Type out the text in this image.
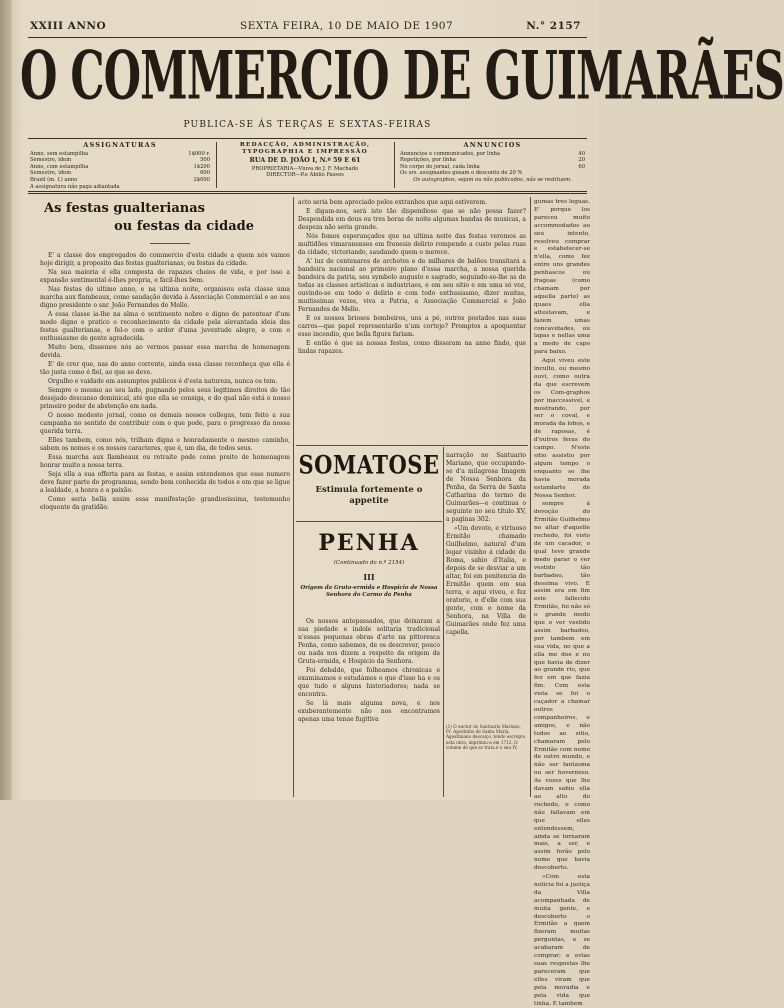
XXIII ANNO	SEXTA FEIRA, 10 DE MAIO DE 1907	N.° 2157
O COMMERCIO DE GUIMARÃES
PUBLICA-SE ÁS TERÇAS E SEXTAS-FEIRAS
ASSIGNATURAS
Anno, sem estampilha	1$000 r.
Semestre, idem	500
Anno, com estampilha	1$200
Semestre, idem	600
Brazil (m. f.) anno	2$000
A assignatura não paga adiantada
REDACÇÃO, ADMINISTRAÇÃO, TYPOGRAPHIA E IMPRESSÃO
RUA DE D. JOÃO I, N.º 59 E 61
PROPRIETARIA—Viuva de J. F. Machado
DIRECTOR—P.e Abilio Passos
ANNUNCIOS
Annuncios e communicados, por linha	40
Repetições, por linha	20
No corpo do jornal, cada linha	60
Os srs. assignantes gosam o desconto de 20 %
Os autographos, sejam ou não publicados, não se restituem.
As festas gualterianas
ou festas da cidade

E' a classe dos empregados do commercio d'esta cidade a quem nós vamos hoje dirigir, a proposito das festas gualterianas, ou festas da cidade.

Na sua maioria é ella composta de rapazes cheios de vida, e por isso a expansão sentimental é-lhes propria, e facil-lhes bem.

Nas festas do ultimo anno, e na ultima noite, organisou esta classe uma marcha aux flambeaux, como saudação devida á Associação Commercial e ao seu digno presidente o snr. João Fernandes de Mello.

A essa classe ia-lhe na alma o sentimento nobre e digno de patentear d'um modo digno e pratico o reconhecimento da cidade pela alevantada ideia das festas gualterianas, e fel-o com o ardor d'uma juventude alegre, e com o enthusiasmo de gente agradecida.

Muito bem, dissemos nós ao vermos passar essa marcha de homenagem devida.

E' de crer que, nas do anno corrente, ainda essa classe reconheça que ella é tão justa como é fiel, ao que se deve.

Orgulho e vaidade em assumptos publicos é d'esta natureza, nunca os tem.

Sempre o mesmo ao seu lado, pugnando pelos seus legitimos direitos do tão desejado descanso dominical, até que ella se consiga, e do qual não está o nosso primeiro poder de abstenção em nada.

O nosso modesto jornal, como os demais nossos collegas, tem feito a sua campanha no sentido de contribuir com o que pode, para o progresso da nossa querida terra.

Elles tambem, como nós, trilham digna e honradamente o mesmo caminho, sabem os nomes e os nossos caracteres, que é, um dia, de todos seus.

Essa marcha aux flambeaux ou retraite pode como preito de homenagem honrar muito a nossa terra.

Seja ella a sua offerta para as festas, e assim entendemos que esse numero deve fazer parte do programma, sendo bem conhecida de todos e em que se ligue a lealdade, a honra e a paixão.

Como seria bella assim essa manifestação grandiosissima, testemunho eloquente da gratidão.

acto seria bem apreciado pelos extranhos que aqui estiverem.

E digam-nos, será isto tão dispendioso que se não possa fazer? Despendida em dous ou tres horas de noite algumas bandas de musicas, a despeza não seria grande.

Nós fomos esperançados que na ultima noite das festas veremos as multidões vimaranenses em frenesis delirio rompendo a custo pelas ruas da cidade, victoriando, saudando quem o merece.

A' luz de centenares de archotes e de milhares de balões transitará a bandeira nacional ao primeiro plano d'essa marcha, a nossa querida bandeira da patria, seu symbolo augusto e sagrado, seguindo-se-lhe as de todas as classes artisticas e industriaes, e em seu sitio e em uma só voz, ouvindo-se em todo o delirio e com todo enthusiasmo, dizer muitas, muitissimas vezes, viva a Patria, a Associação Commercial e João Fernandes de Mello.

E os nossos briosos bombeiros, uns a pé, outros postados nas suas carros—que papel representarão n'um cortejo? Promptos a apoquentar esse incendio, que bella figura fariam.

E então é que as nossas festas, como disseram na anno findo, que lindas rapazes.

SOMATOSE
Estimula fortemente o appetite
PENHA
(Continuado do n.º 2154)
III
Origem da Gruta-ermida e Hospicio de Nossa Senhora do Carmo da Penha

Os nossos antepassados, que deixaram a sua piedade e indole solitaria tradicional n'essas pequenas obras d'arte na pittoresca Penha, como sabemos, de os descrever, pouco ou nada nos dizem a respeito da origem da Gruta-ermida, e Hospicio da Senhora.

Foi debalde, que folheamos chronicas e examinamos e estudámos o que d'isso ha e os que tudo e alguns historiadores; nada se encontra.

Se lá mais alguma nova, e nos exuberantemente não nos encontramos apenas uma tenue fugitiva

narração no Santuario Mariano, que occupando-se d'a milagrosa Imagem de Nossa Senhora da Penha, da Serra de Santa Catharina do termo de Guimarães—e continua o seguinte no seu titulo XV, a paginas 302:

«Um devoto, e virtuoso Ermitão chamado Guilhelmo, natural d'um logar visinho á cidade de Roma, sahio d'Italia, e depois de se desviar a um altar, foi em penitencia do Ermitão quem em sua terra, e aqui viveu, e fez oratorio, e d'elle com sua gente, com o nome da Senhora, na Villa de Guimarães onde fez uma capella.

(1) O auctor do Santuario Mariano, Fr. Agostinho de Santa Maria, Agostiniano descalço, tendo escrepto esta obra, imprimiu-a em 1712. O volume de que se trata é o seu IV.

gumas tres leguas. E' porque los pareceu muito accommodados ao seu intento, resolveu comprar e estabelecer-se n'ella, como fez entre uns grandes penhascos ou fragoas (como chamam por aquella parte) as quaes ella attestavam, e fazem umas concavidades, ou lapas e nellas uma a modo de capo para baixo.

Aqui viveu este inculto, ou mesmo ouvi, como outra da que escrevem os Com-graphos por inaccessivel, e mostrando, por ser o coval, e morada da lobos, e de raposas, é d'outros feras do campo. N'este sitio assistio por algum tempo o enquanto se lhe havia morada estandarte de Nossa Senhor.

sempre á devoção do Ermitão Guilhelmo no altar d'aquelle rochedo, foi visto de um cacador, o qual teve grande medo parar o ver vestido tão barbadeo, tão dessima vivo. E assim era em fim este fallecido Ermitão, foi não só o grande modo que o ver vestido assim barbadeo, por tambem em sua vida, no que a ella me doe e no que havia de dizer ao grande rio, que fez em que fazia fim. Com esta vista se foi o caçador a chamar outros companheiros, e amigos, e não todos ao sitio, chamaram pelo Ermitão com nome de outro mundo, e não ser fantasma ou ser hovernoso. As vozes que lhe davam sahio ella ao alto do rochedo, e como não fallavam em que elles entendessem, ainda se tornaram mais, a ser, e assim forão pelo nome que havia descoberto.

«Com esta noticia foi a justiça da Villa acompanhada de muita gente, e descoberto o Ermitão a quem fizeram muitas perguntas, e se acabaram de comprar; e estas suas respostas lhe pareceram que elles viram que pela moradia e pela vida que tinha. E tambem
